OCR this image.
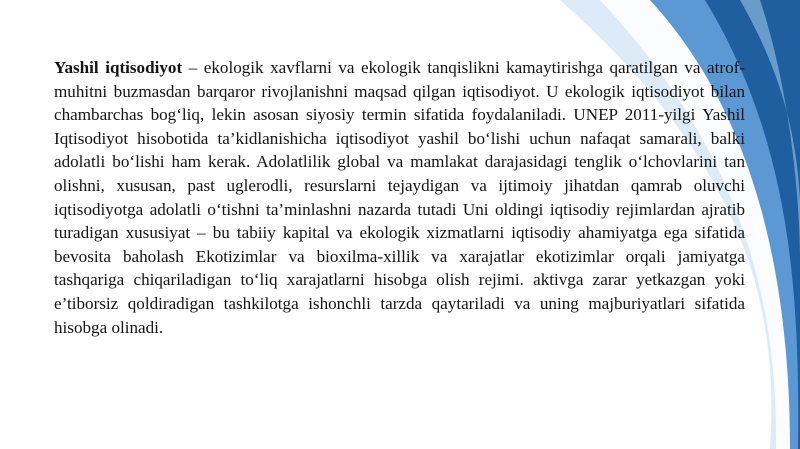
Yashil iqtisodiyot – ekologik xavflarni va ekologik tanqislikni kamaytirishga qaratilgan va atrof-muhitni buzmasdan barqaror rivojlanishni maqsad qilgan iqtisodiyot. U ekologik iqtisodiyot bilan chambarchas bog‘liq, lekin asosan siyosiy termin sifatida foydalaniladi. UNEP 2011-yilgi Yashil Iqtisodiyot hisobotida ta’kidlanishicha iqtisodiyot yashil bo‘lishi uchun nafaqat samarali, balki adolatli bo‘lishi ham kerak. Adolatlilik global va mamlakat darajasidagi tenglik o‘lchovlarini tan olishni, xususan, past uglerodli, resurslarni tejaydigan va ijtimoiy jihatdan qamrab oluvchi iqtisodiyotga adolatli o‘tishni ta’minlashni nazarda tutadi Uni oldingi iqtisodiy rejimlardan ajratib turadigan xususiyat – bu tabiiy kapital va ekologik xizmatlarni iqtisodiy ahamiyatga ega sifatida bevosita baholash Ekotizimlar va bioxilma-xillik va xarajatlar ekotizimlar orqali jamiyatga tashqariga chiqariladigan to‘liq xarajatlarni hisobga olish rejimi. aktivga zarar yetkazgan yoki e’tiborsiz qoldiradigan tashkilotga ishonchli tarzda qaytariladi va uning majburiyatlari sifatida hisobga olinadi.
